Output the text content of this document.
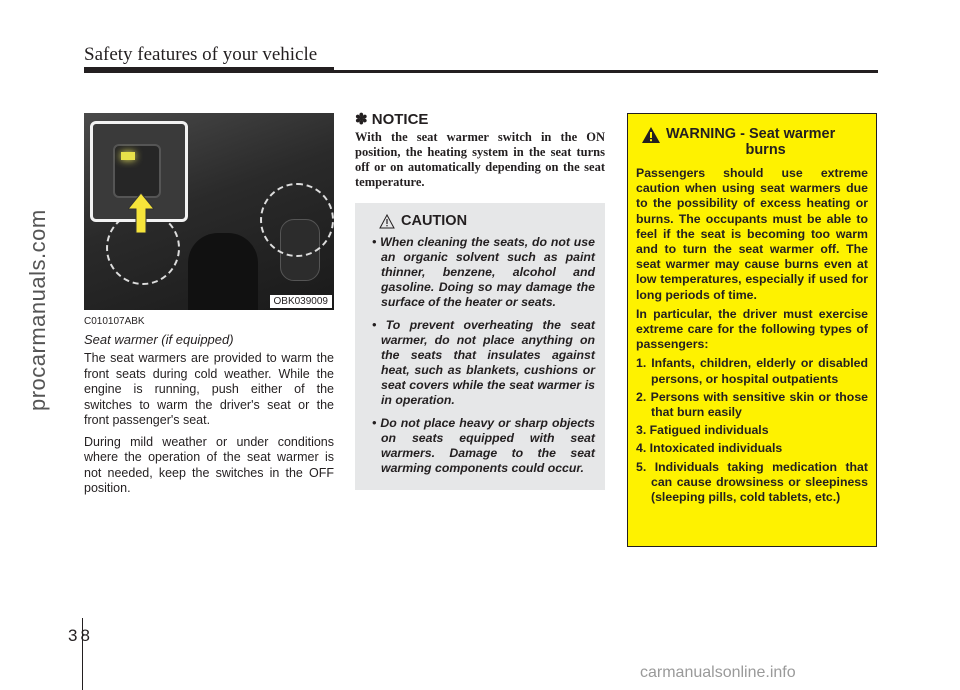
Safety features of your vehicle
procarmanuals.com	OBK039009
C010107ABK
Seat warmer (if equipped)

The seat warmers are provided to warm the front seats during cold weather. While the engine is running, push either of the switches to warm the driver's seat or the front passenger's seat.

During mild weather or under conditions where the operation of the seat warmer is not needed, keep the switches in the OFF position.

✽ NOTICE
With the seat warmer switch in the ON position, the heating system in the seat turns off or on automatically depending on the seat temperature.
CAUTION
• When cleaning the seats, do not use an organic solvent such as paint thinner, benzene, alcohol and gasoline. Doing so may damage the surface of the heater or seats.
• To prevent overheating the seat warmer, do not place anything on the seats that insulates against heat, such as blankets, cushions or seat covers while the seat warmer is in operation.
• Do not place heavy or sharp objects on seats equipped with seat warmers. Damage to the seat warming components could occur.
WARNING - Seat warmer
burns

Passengers should use extreme caution when using seat warmers due to the possibility of excess heating or burns. The occupants must be able to feel if the seat is becoming too warm and to turn the seat warmer off. The seat warmer may cause burns even at low temperatures, especially if used for long periods of time.

In particular, the driver must exercise extreme care for the following types of passengers:

1. Infants, children, elderly or disabled persons, or hospital outpatients
2. Persons with sensitive skin or those that burn easily
3. Fatigued individuals
4. Intoxicated individuals
5. Individuals taking medication that can cause drowsiness or sleepiness (sleeping pills, cold tablets, etc.)
38
carmanualsonline.info
